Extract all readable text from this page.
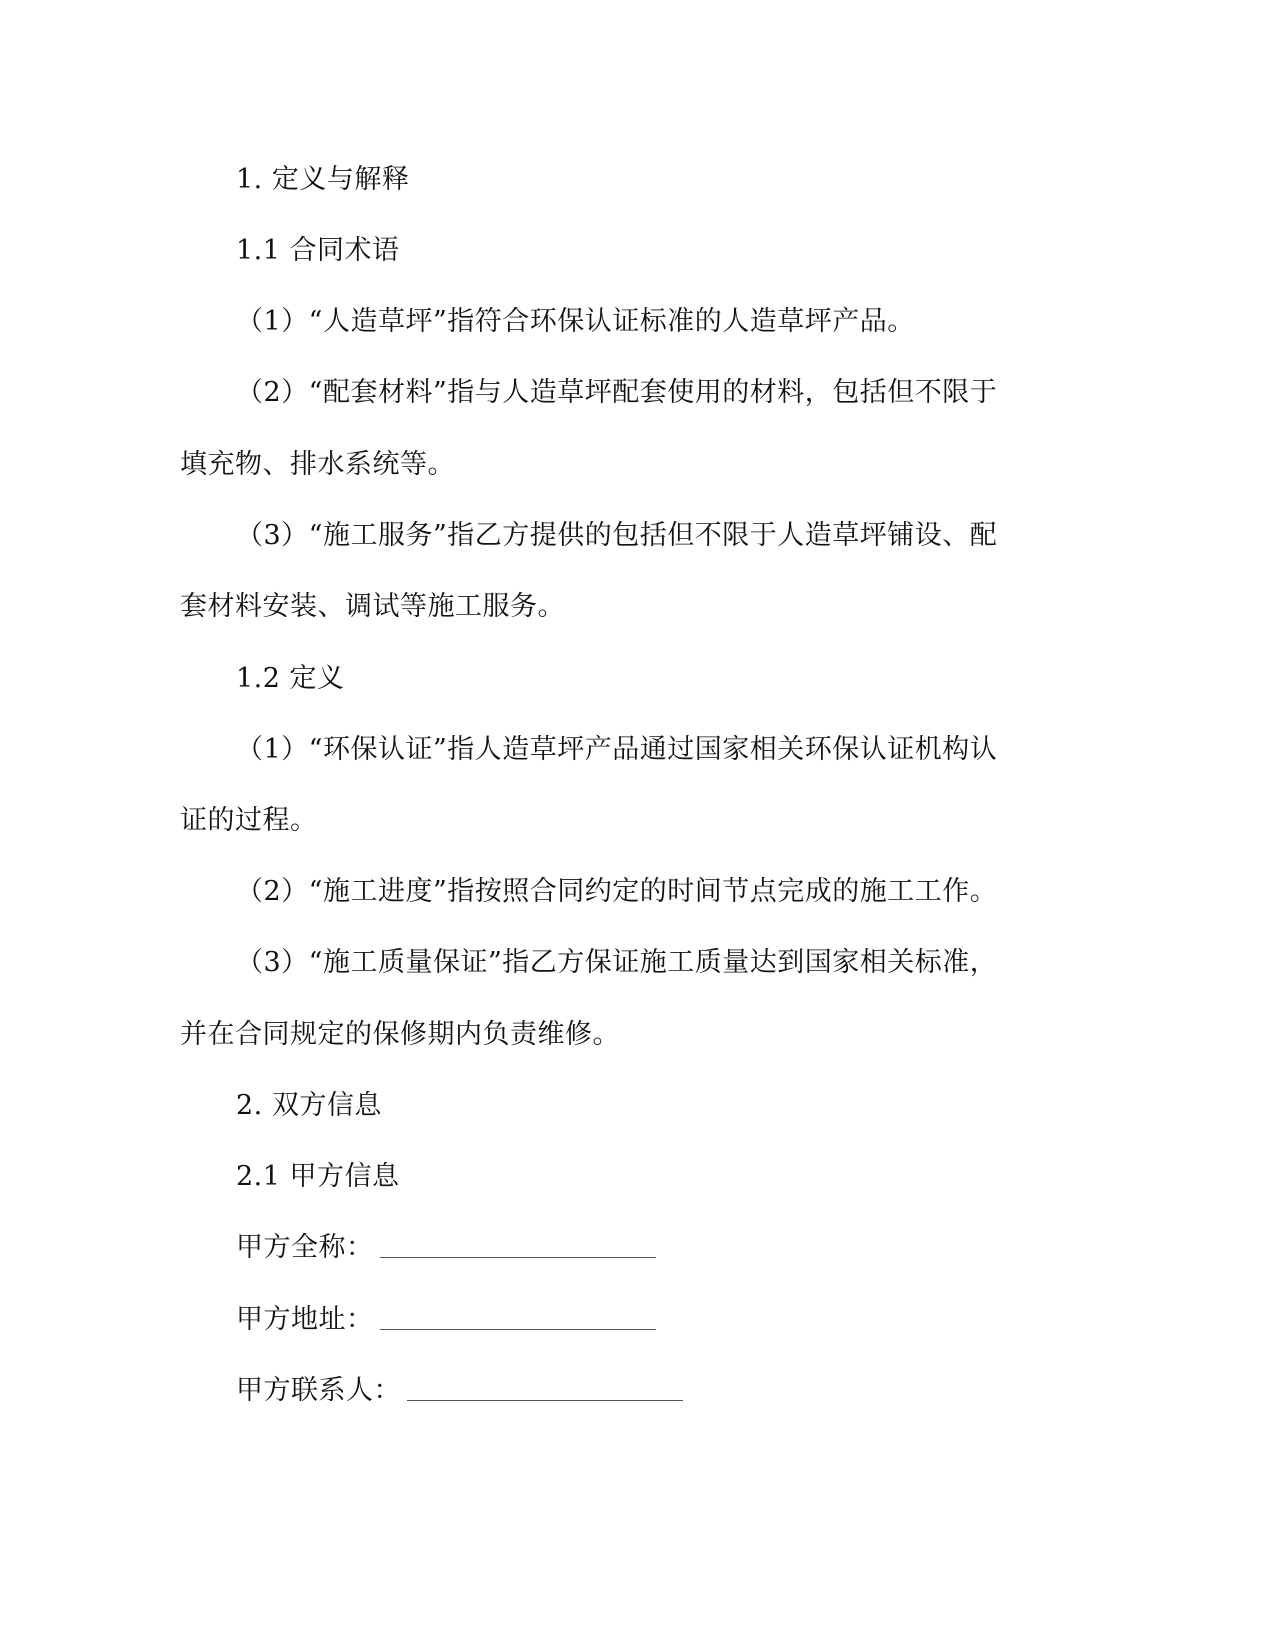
1. 定义与解释
1.1 合同术语
（1）“人造草坪”指符合环保认证标准的人造草坪产品。
（2）“配套材料”指与人造草坪配套使用的材料，包括但不限于
填充物、排水系统等。
（3）“施工服务”指乙方提供的包括但不限于人造草坪铺设、配
套材料安装、调试等施工服务。
1.2 定义
（1）“环保认证”指人造草坪产品通过国家相关环保认证机构认
证的过程。
（2）“施工进度”指按照合同约定的时间节点完成的施工工作。
（3）“施工质量保证”指乙方保证施工质量达到国家相关标准，
并在合同规定的保修期内负责维修。
2. 双方信息
2.1 甲方信息
甲方全称：
甲方地址：
甲方联系人：
